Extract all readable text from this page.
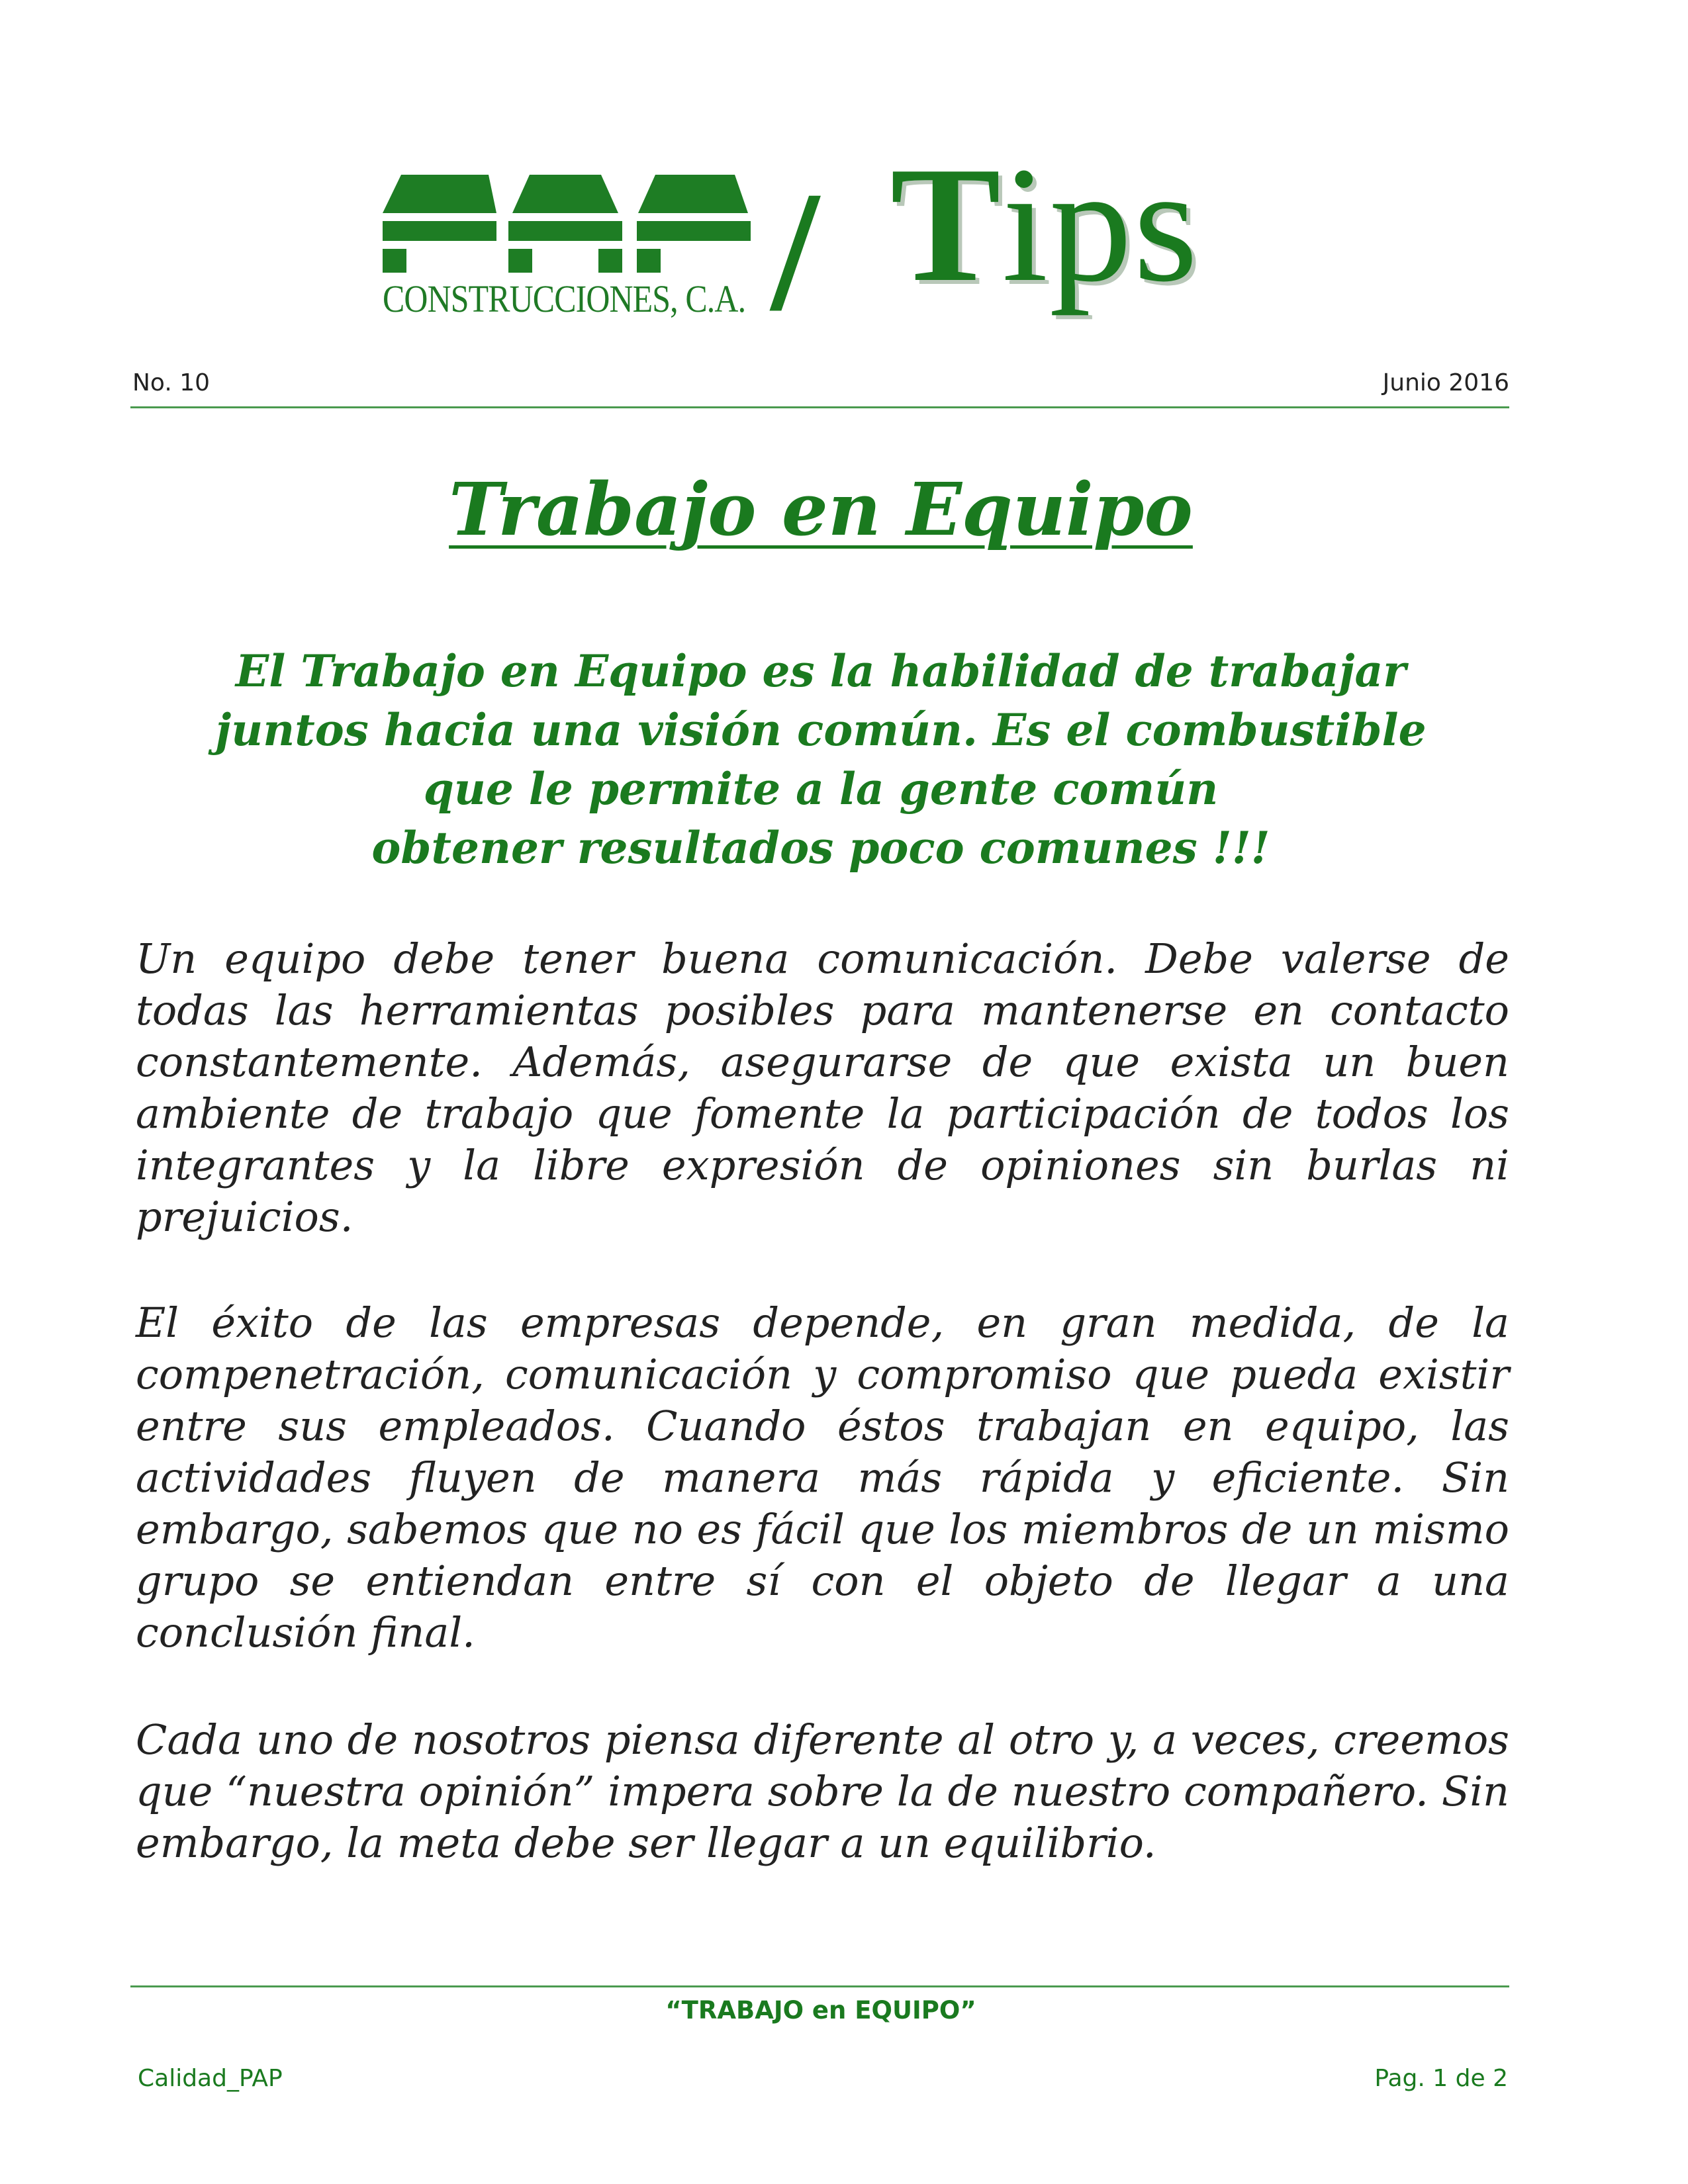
CONSTRUCCIONES, C.A. / Tips
No. 10	Junio 2016
Trabajo en Equipo
El Trabajo en Equipo es la habilidad de trabajar
juntos hacia una visión común. Es el combustible
que le permite a la gente común
obtener resultados poco comunes !!!
Un equipo debe tener buena comunicación. Debe valerse de todas las herramientas posibles para mantenerse en contacto constantemente. Además, asegurarse de que exista un buen ambiente de trabajo que fomente la participación de todos los integrantes y la libre expresión de opiniones sin burlas ni prejuicios.
El éxito de las empresas depende, en gran medida, de la compenetración, comunicación y compromiso que pueda existir entre sus empleados. Cuando éstos trabajan en equipo, las actividades fluyen de manera más rápida y eficiente. Sin embargo, sabemos que no es fácil que los miembros de un mismo grupo se entiendan entre sí con el objeto de llegar a una conclusión final.
Cada uno de nosotros piensa diferente al otro y, a veces, creemos que “nuestra opinión” impera sobre la de nuestro compañero. Sin embargo, la meta debe ser llegar a un equilibrio.
“TRABAJO en EQUIPO”
Calidad_PAP	Pag. 1 de 2
